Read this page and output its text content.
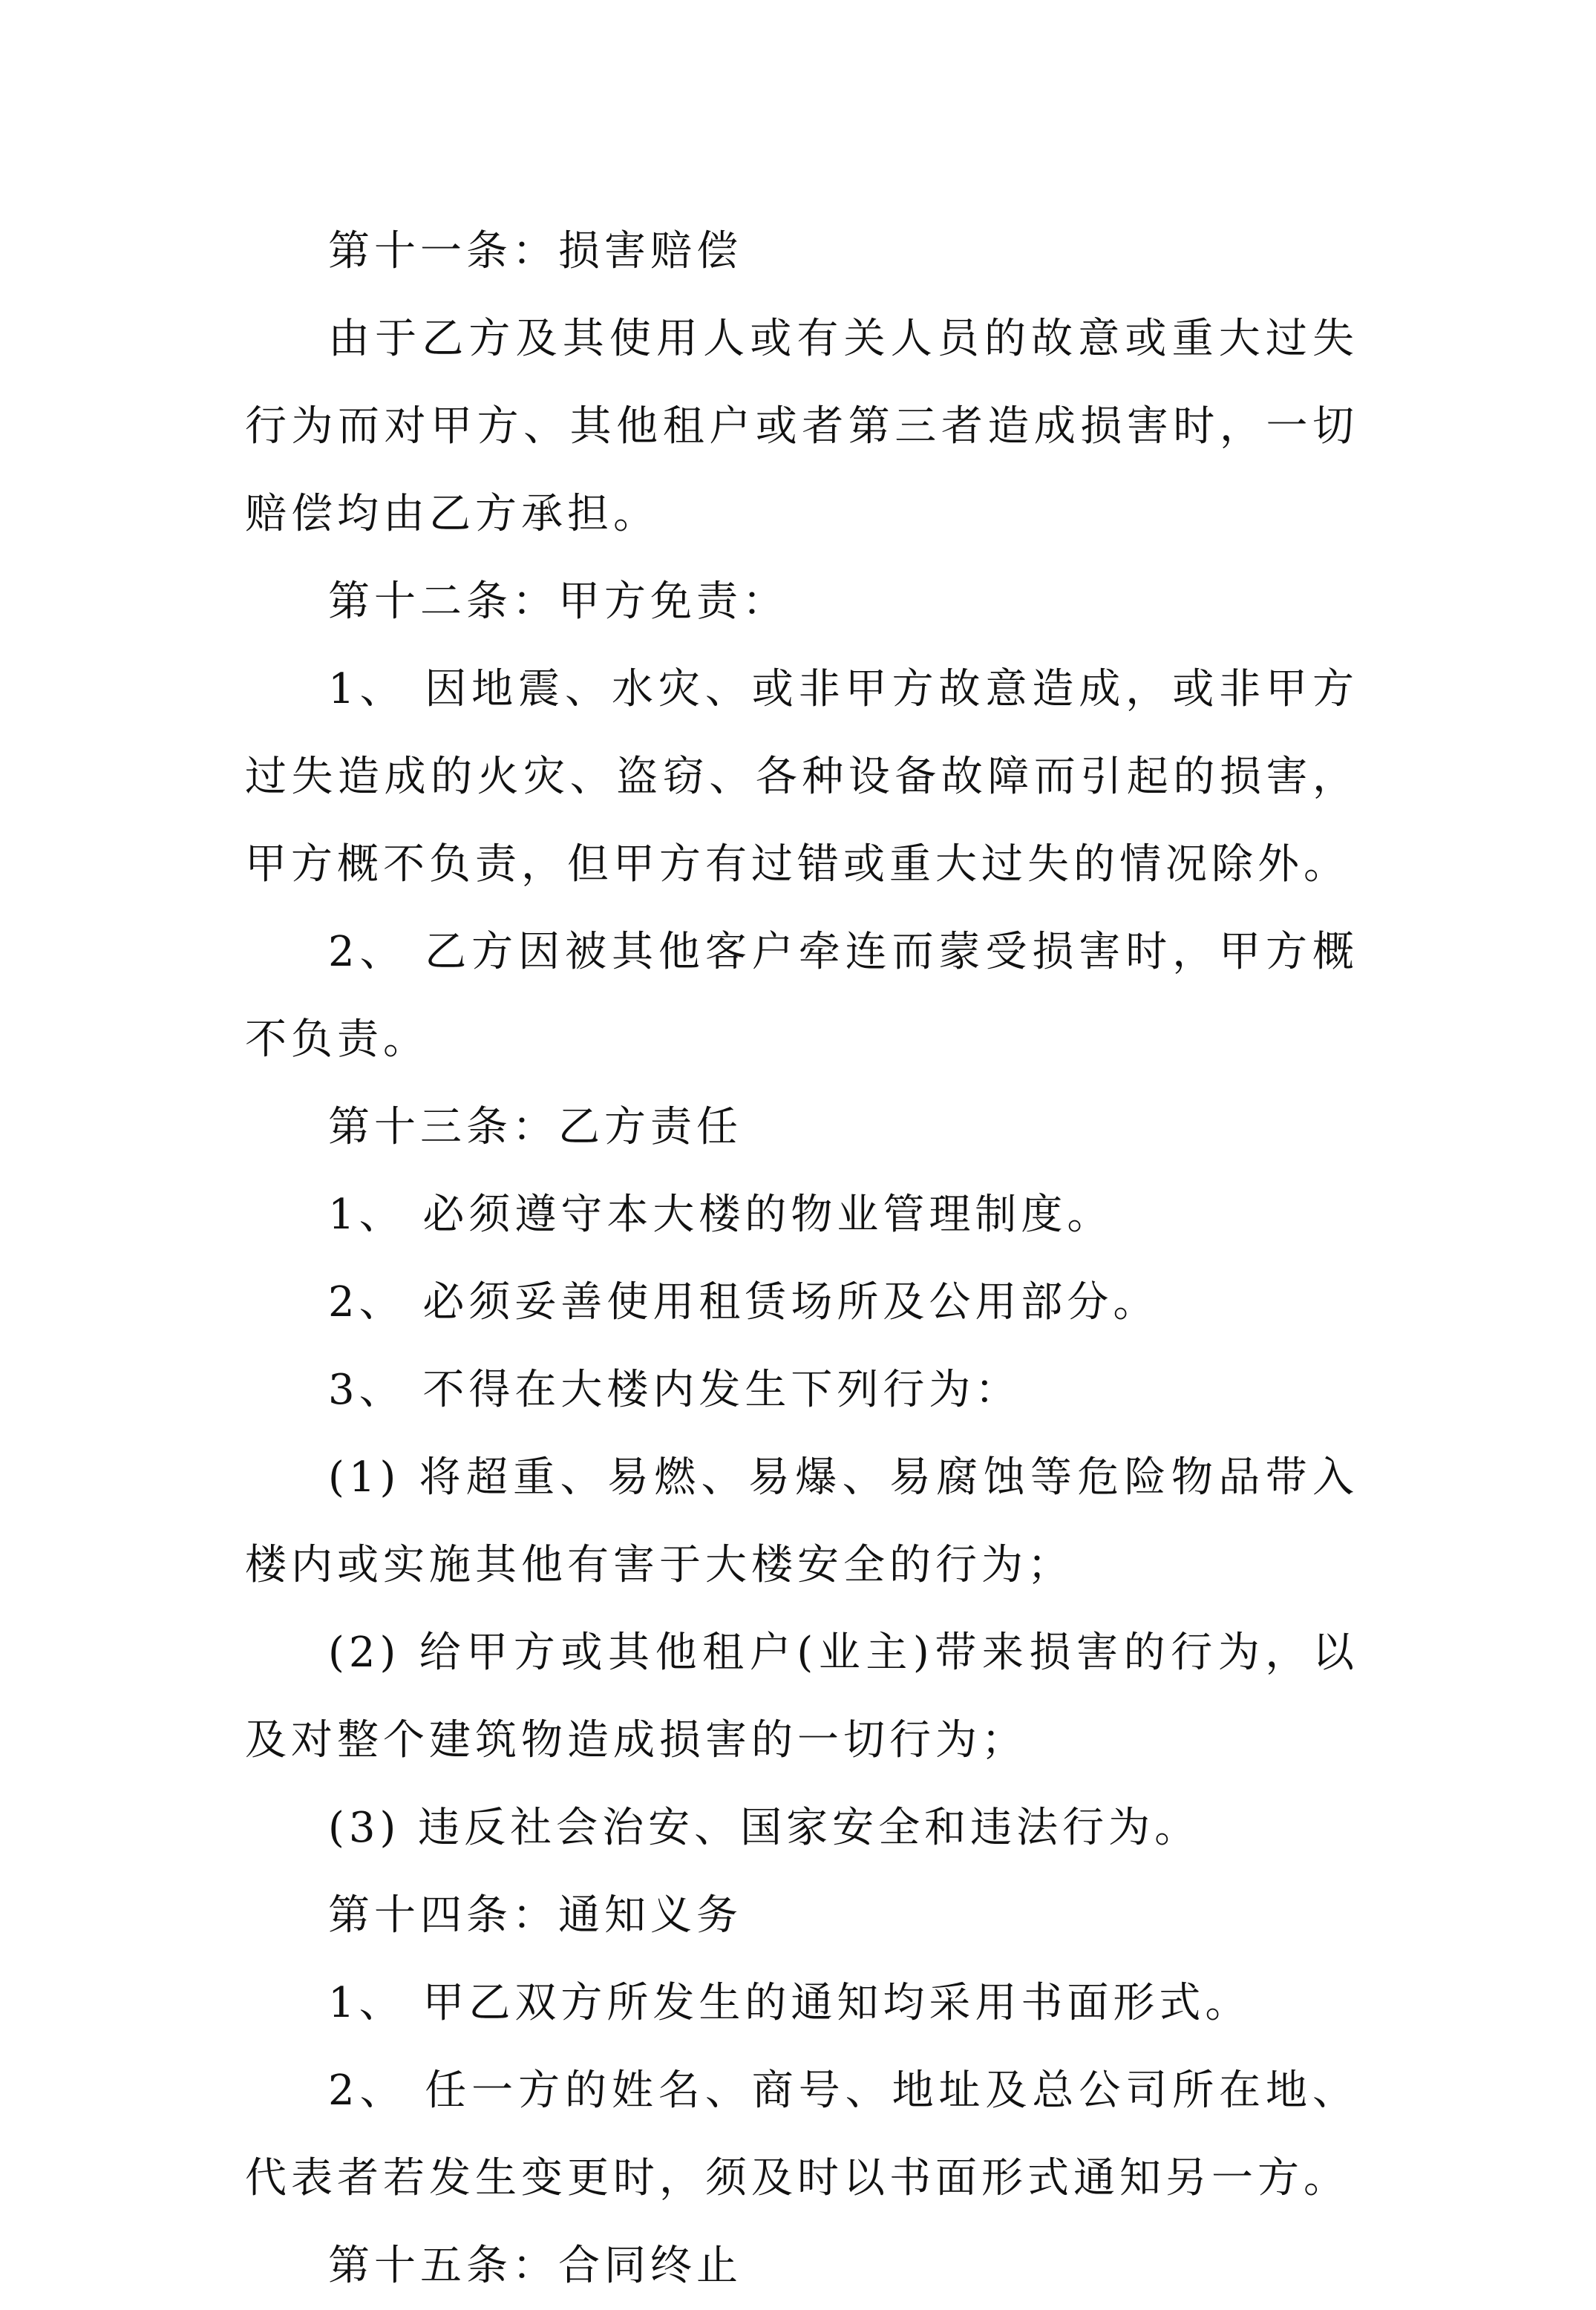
第十一条：损害赔偿

由于乙方及其使用人或有关人员的故意或重大过失行为而对甲方、其他租户或者第三者造成损害时，一切赔偿均由乙方承担。

第十二条：甲方免责：

1、 因地震、水灾、或非甲方故意造成，或非甲方过失造成的火灾、盗窃、各种设备故障而引起的损害，甲方概不负责，但甲方有过错或重大过失的情况除外。

2、 乙方因被其他客户牵连而蒙受损害时，甲方概不负责。

第十三条：乙方责任

1、 必须遵守本大楼的物业管理制度。

2、 必须妥善使用租赁场所及公用部分。

3、 不得在大楼内发生下列行为：

(1) 将超重、易燃、易爆、易腐蚀等危险物品带入楼内或实施其他有害于大楼安全的行为；

(2) 给甲方或其他租户(业主)带来损害的行为，以及对整个建筑物造成损害的一切行为；

(3) 违反社会治安、国家安全和违法行为。

第十四条：通知义务

1、 甲乙双方所发生的通知均采用书面形式。

2、 任一方的姓名、商号、地址及总公司所在地、代表者若发生变更时，须及时以书面形式通知另一方。

第十五条：合同终止
